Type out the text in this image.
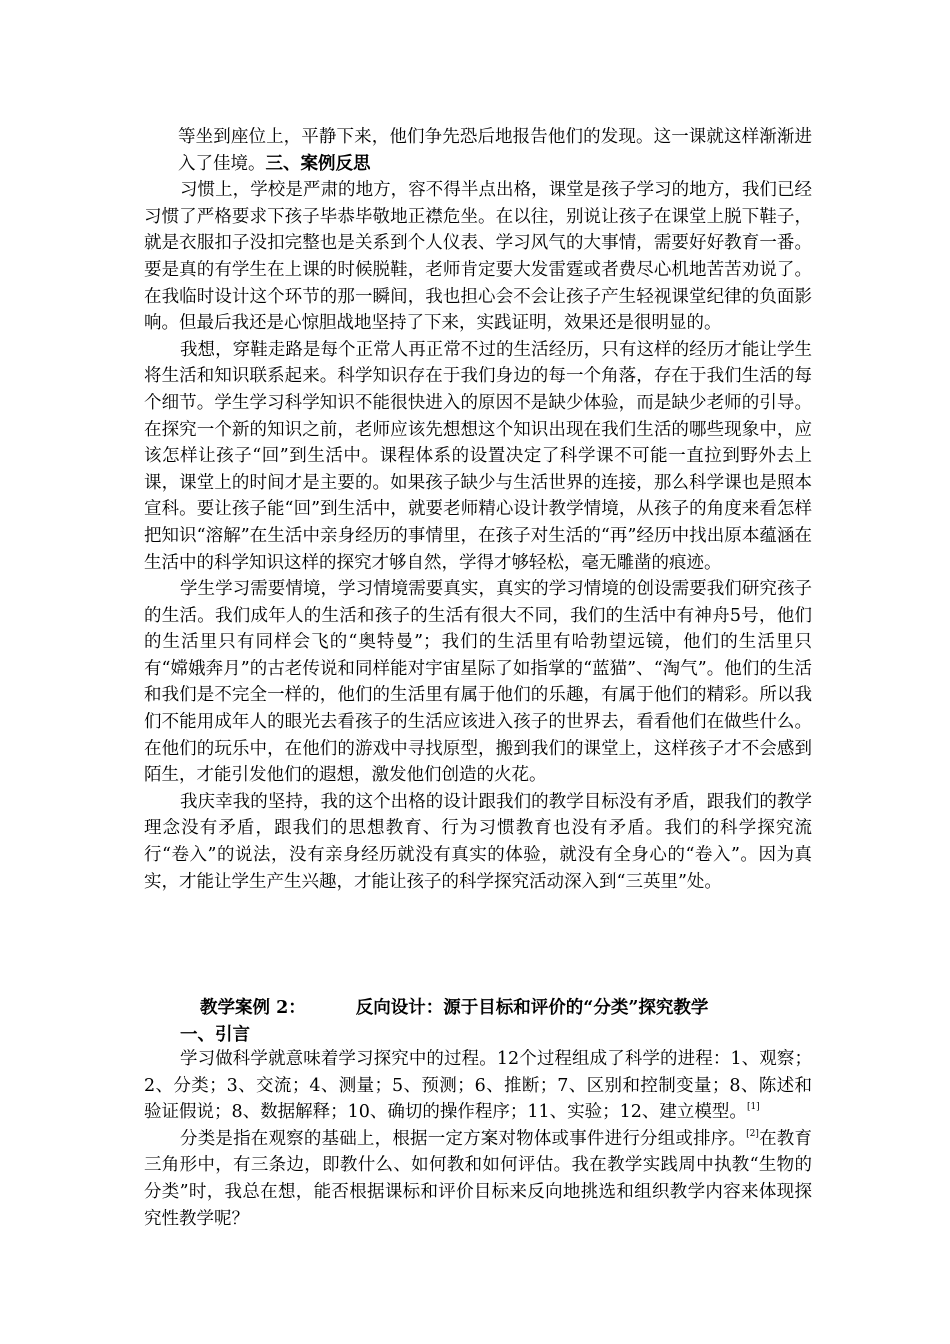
等坐到座位上，平静下来，他们争先恐后地报告他们的发现。这一课就这样渐渐进入了佳境。三、案例反思

习惯上，学校是严肃的地方，容不得半点出格，课堂是孩子学习的地方，我们已经习惯了严格要求下孩子毕恭毕敬地正襟危坐。在以往，别说让孩子在课堂上脱下鞋子，就是衣服扣子没扣完整也是关系到个人仪表、学习风气的大事情，需要好好教育一番。要是真的有学生在上课的时候脱鞋，老师肯定要大发雷霆或者费尽心机地苦苦劝说了。在我临时设计这个环节的那一瞬间，我也担心会不会让孩子产生轻视课堂纪律的负面影响。但最后我还是心惊胆战地坚持了下来，实践证明，效果还是很明显的。

我想，穿鞋走路是每个正常人再正常不过的生活经历，只有这样的经历才能让学生将生活和知识联系起来。科学知识存在于我们身边的每一个角落，存在于我们生活的每个细节。学生学习科学知识不能很快进入的原因不是缺少体验，而是缺少老师的引导。在探究一个新的知识之前，老师应该先想想这个知识出现在我们生活的哪些现象中，应该怎样让孩子“回”到生活中。课程体系的设置决定了科学课不可能一直拉到野外去上课，课堂上的时间才是主要的。如果孩子缺少与生活世界的连接，那么科学课也是照本宣科。要让孩子能“回”到生活中，就要老师精心设计教学情境，从孩子的角度来看怎样把知识“溶解”在生活中亲身经历的事情里，在孩子对生活的“再”经历中找出原本蕴涵在生活中的科学知识这样的探究才够自然，学得才够轻松，毫无雕凿的痕迹。

学生学习需要情境，学习情境需要真实，真实的学习情境的创设需要我们研究孩子的生活。我们成年人的生活和孩子的生活有很大不同，我们的生活中有神舟5号，他们的生活里只有同样会飞的“奥特曼”；我们的生活里有哈勃望远镜，他们的生活里只有“嫦娥奔月”的古老传说和同样能对宇宙星际了如指掌的“蓝猫”、“淘气”。他们的生活和我们是不完全一样的，他们的生活里有属于他们的乐趣，有属于他们的精彩。所以我们不能用成年人的眼光去看孩子的生活应该进入孩子的世界去，看看他们在做些什么。在他们的玩乐中，在他们的游戏中寻找原型，搬到我们的课堂上，这样孩子才不会感到陌生，才能引发他们的遐想，激发他们创造的火花。

我庆幸我的坚持，我的这个出格的设计跟我们的教学目标没有矛盾，跟我们的教学理念没有矛盾，跟我们的思想教育、行为习惯教育也没有矛盾。我们的科学探究流行“卷入”的说法，没有亲身经历就没有真实的体验，就没有全身心的“卷入”。因为真实，才能让学生产生兴趣，才能让孩子的科学探究活动深入到“三英里”处。

教学案例 2：	反向设计：源于目标和评价的“分类”探究教学
一、引言

学习做科学就意味着学习探究中的过程。12个过程组成了科学的进程：1、观察；2、分类；3、交流；4、测量；5、预测；6、推断；7、区别和控制变量；8、陈述和验证假说；8、数据解释；10、确切的操作程序；11、实验；12、建立模型。[1]

分类是指在观察的基础上，根据一定方案对物体或事件进行分组或排序。[2]在教育三角形中，有三条边，即教什么、如何教和如何评估。我在教学实践周中执教“生物的分类”时，我总在想，能否根据课标和评价目标来反向地挑选和组织教学内容来体现探究性教学呢？
